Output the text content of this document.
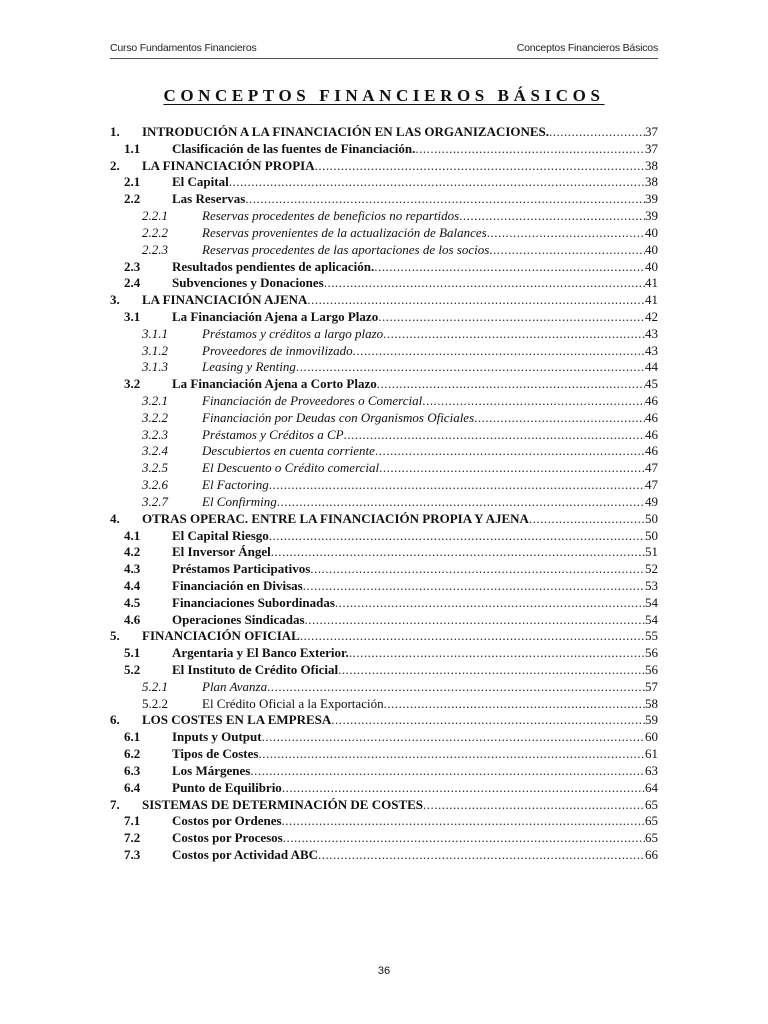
Curso Fundamentos Financieros	Conceptos Financieros Básicos
CONCEPTOS FINANCIEROS BÁSICOS
1.	INTRODUCIÓN A LA FINANCIACIÓN EN LAS ORGANIZACIONES. .....	37
1.1	Clasificación de las fuentes de Financiación. .....	37
2.	LA FINANCIACIÓN PROPIA .....	38
2.1	El Capital .....	38
2.2	Las Reservas .....	39
2.2.1	Reservas procedentes de beneficios no repartidos .....	39
2.2.2	Reservas provenientes de la actualización de Balances .....	40
2.2.3	Reservas procedentes de las aportaciones de los socios .....	40
2.3	Resultados pendientes de aplicación. .....	40
2.4	Subvenciones y Donaciones .....	41
3.	LA FINANCIACIÓN AJENA .....	41
3.1	La Financiación Ajena a Largo Plazo .....	42
3.1.1	Préstamos y créditos a largo plazo .....	43
3.1.2	Proveedores de inmovilizado .....	43
3.1.3	Leasing y Renting .....	44
3.2	La Financiación Ajena a Corto Plazo .....	45
3.2.1	Financiación de Proveedores o Comercial .....	46
3.2.2	Financiación por Deudas con Organismos Oficiales .....	46
3.2.3	Préstamos y Créditos a CP .....	46
3.2.4	Descubiertos en cuenta corriente .....	46
3.2.5	El Descuento o Crédito comercial .....	47
3.2.6	El Factoring .....	47
3.2.7	El Confirming .....	49
4.	OTRAS OPERAC. ENTRE LA FINANCIACIÓN PROPIA Y AJENA .....	50
4.1	El Capital Riesgo .....	50
4.2	El Inversor Ángel .....	51
4.3	Préstamos Participativos .....	52
4.4	Financiación en Divisas .....	53
4.5	Financiaciones Subordinadas .....	54
4.6	Operaciones Sindicadas .....	54
5.	FINANCIACIÓN OFICIAL .....	55
5.1	Argentaria y El Banco Exterior. .....	56
5.2	El Instituto de Crédito Oficial .....	56
5.2.1	Plan Avanza .....	57
5.2.2	El Crédito Oficial a la Exportación .....	58
6.	LOS COSTES EN LA EMPRESA .....	59
6.1	Inputs y Output .....	60
6.2	Tipos de Costes .....	61
6.3	Los Márgenes .....	63
6.4	Punto de Equilibrio .....	64
7.	SISTEMAS DE DETERMINACIÓN DE COSTES .....	65
7.1	Costos por Ordenes .....	65
7.2	Costos por Procesos .....	65
7.3	Costos por Actividad ABC .....	66
36
